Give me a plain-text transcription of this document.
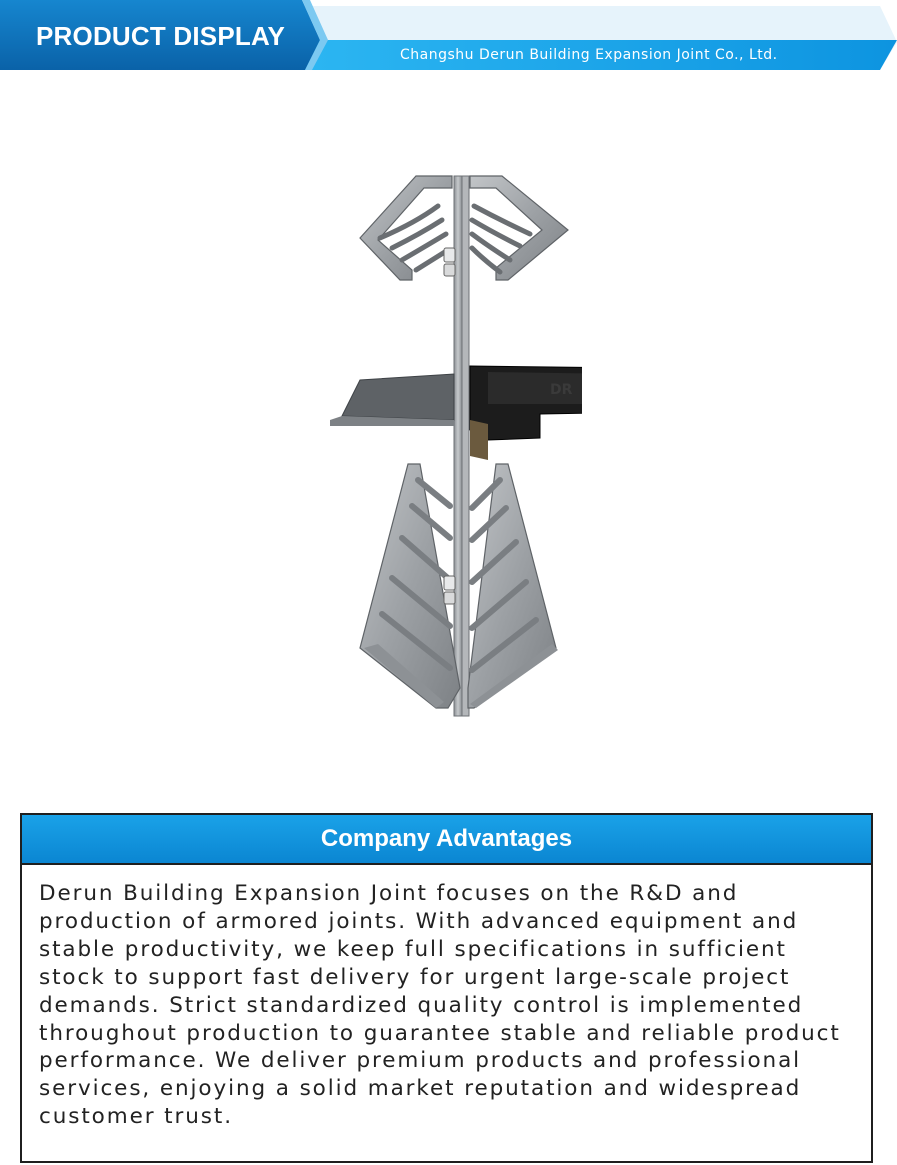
PRODUCT DISPLAY
Changshu Derun Building Expansion Joint Co., Ltd.
DR
Company Advantages

Derun Building Expansion Joint focuses on the R&D and production of armored joints. With advanced equipment and stable productivity, we keep full specifications in sufficient stock to support fast delivery for urgent large-scale project demands. Strict standardized quality control is implemented throughout production to guarantee stable and reliable product performance. We deliver premium products and professional services, enjoying a solid market reputation and widespread customer trust.
